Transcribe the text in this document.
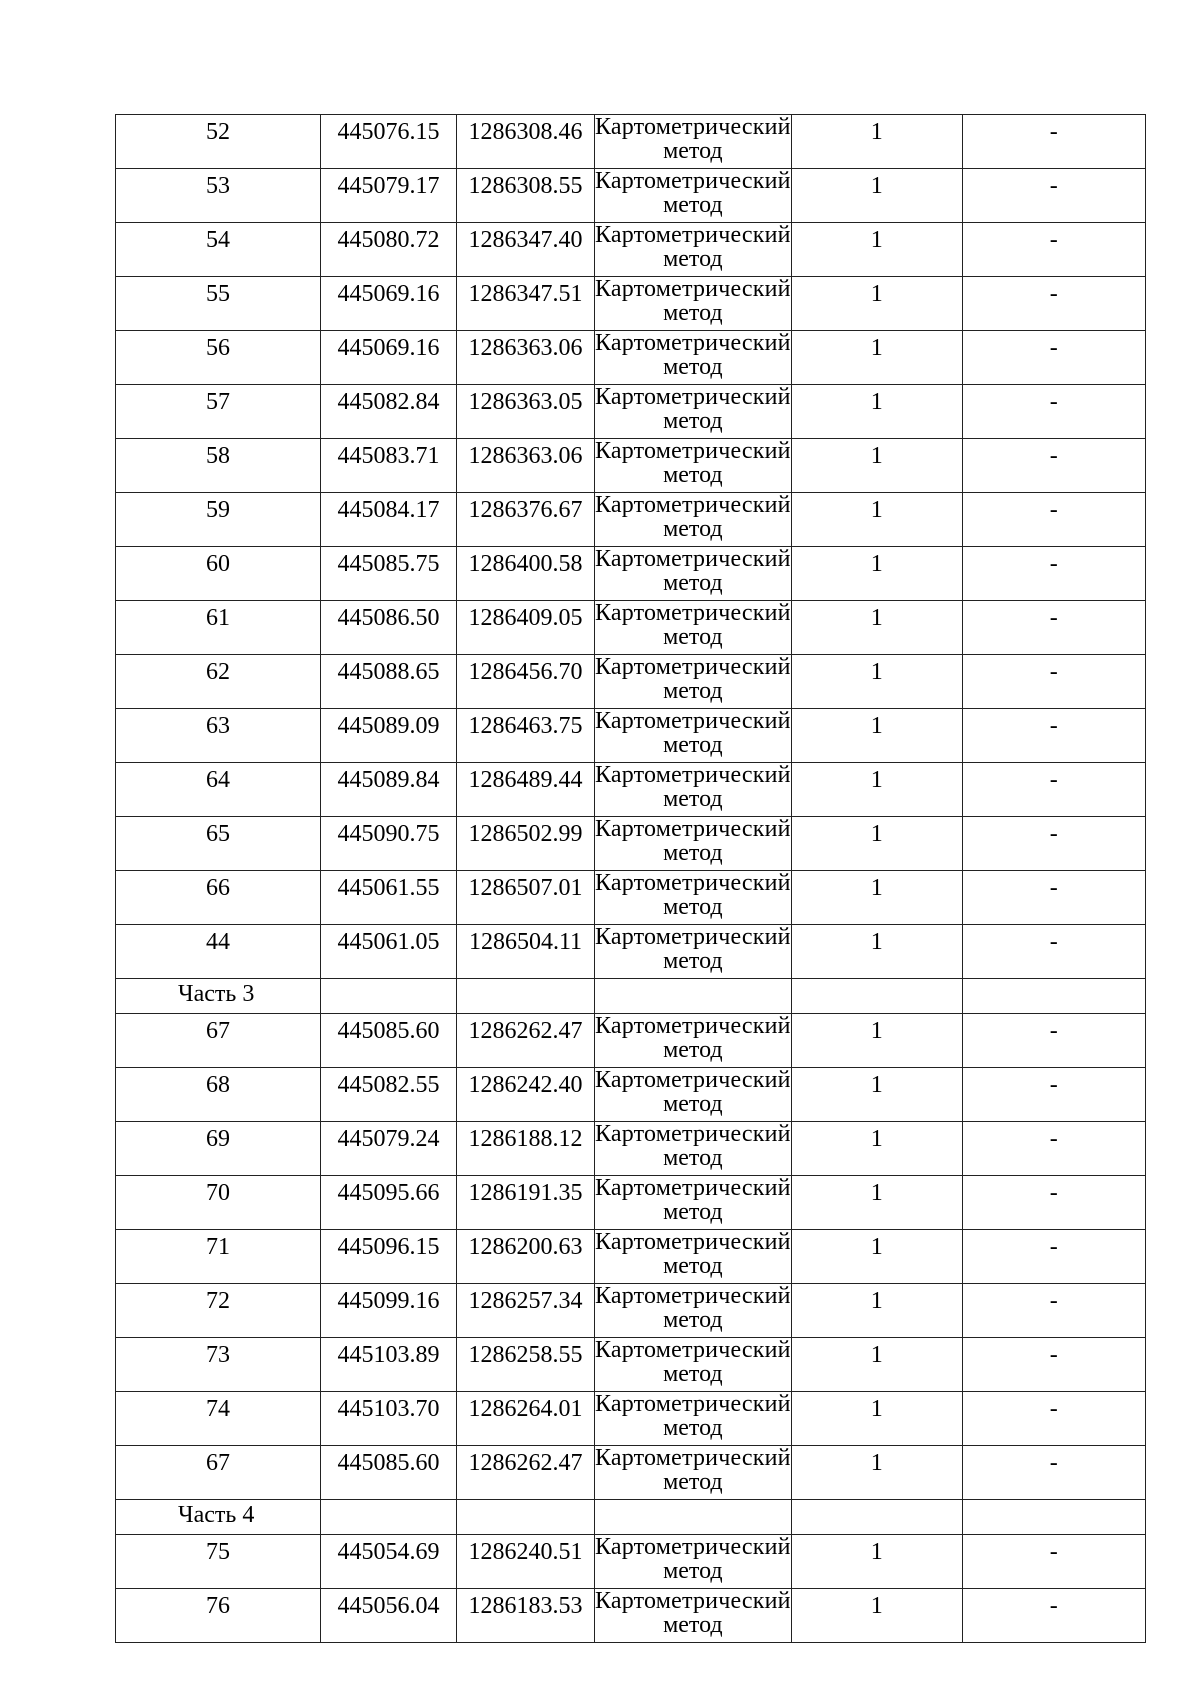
52	445076.15	1286308.46	Картометрический
метод	1	-
53	445079.17	1286308.55	Картометрический
метод	1	-
54	445080.72	1286347.40	Картометрический
метод	1	-
55	445069.16	1286347.51	Картометрический
метод	1	-
56	445069.16	1286363.06	Картометрический
метод	1	-
57	445082.84	1286363.05	Картометрический
метод	1	-
58	445083.71	1286363.06	Картометрический
метод	1	-
59	445084.17	1286376.67	Картометрический
метод	1	-
60	445085.75	1286400.58	Картометрический
метод	1	-
61	445086.50	1286409.05	Картометрический
метод	1	-
62	445088.65	1286456.70	Картометрический
метод	1	-
63	445089.09	1286463.75	Картометрический
метод	1	-
64	445089.84	1286489.44	Картометрический
метод	1	-
65	445090.75	1286502.99	Картометрический
метод	1	-
66	445061.55	1286507.01	Картометрический
метод	1	-
44	445061.05	1286504.11	Картометрический
метод	1	-
Часть 3					
67	445085.60	1286262.47	Картометрический
метод	1	-
68	445082.55	1286242.40	Картометрический
метод	1	-
69	445079.24	1286188.12	Картометрический
метод	1	-
70	445095.66	1286191.35	Картометрический
метод	1	-
71	445096.15	1286200.63	Картометрический
метод	1	-
72	445099.16	1286257.34	Картометрический
метод	1	-
73	445103.89	1286258.55	Картометрический
метод	1	-
74	445103.70	1286264.01	Картометрический
метод	1	-
67	445085.60	1286262.47	Картометрический
метод	1	-
Часть 4					
75	445054.69	1286240.51	Картометрический
метод	1	-
76	445056.04	1286183.53	Картометрический
метод	1	-
